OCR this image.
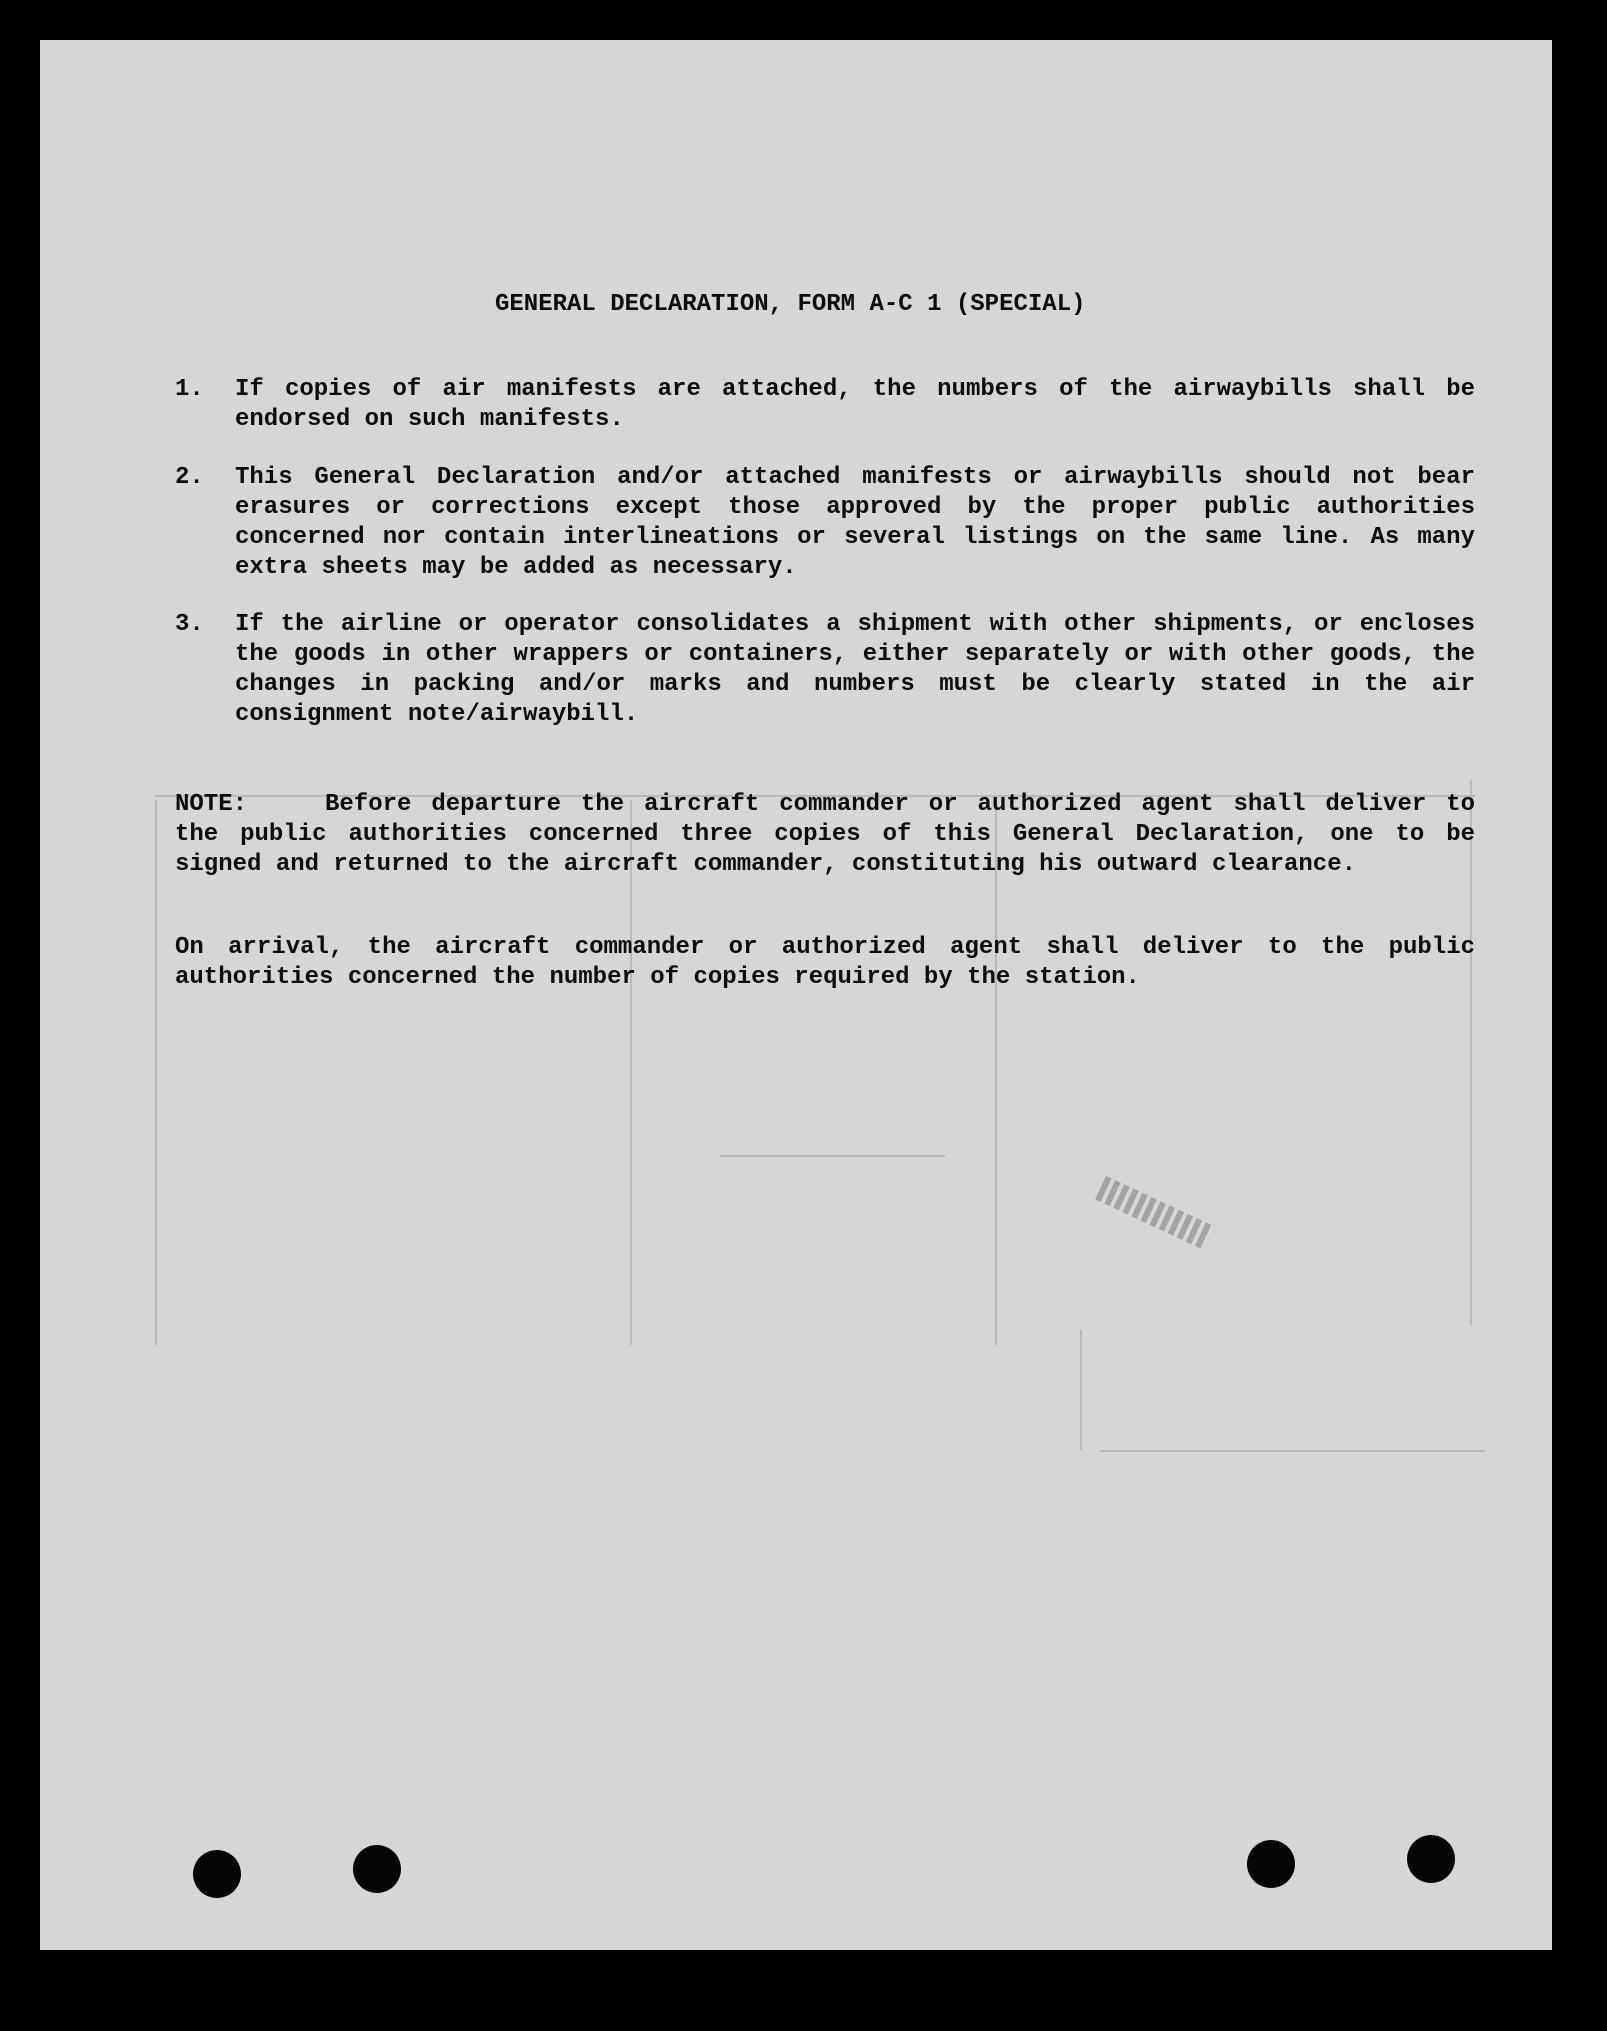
GENERAL DECLARATION, FORM A-C 1 (SPECIAL)
1. If copies of air manifests are attached, the numbers of the airwaybills shall be endorsed on such manifests.
2. This General Declaration and/or attached manifests or airwaybills should not bear erasures or corrections except those approved by the proper public authorities concerned nor contain interlineations or several listings on the same line. As many extra sheets may be added as necessary.
3. If the airline or operator consolidates a shipment with other shipments, or encloses the goods in other wrappers or containers, either separately or with other goods, the changes in packing and/or marks and numbers must be clearly stated in the air consignment note/airwaybill.
NOTE:	Before departure the aircraft commander or authorized agent shall deliver to the public authorities concerned three copies of this General Declaration, one to be signed and returned to the aircraft commander, constituting his outward clearance.
On arrival, the aircraft commander or authorized agent shall deliver to the public authorities concerned the number of copies required by the station.
